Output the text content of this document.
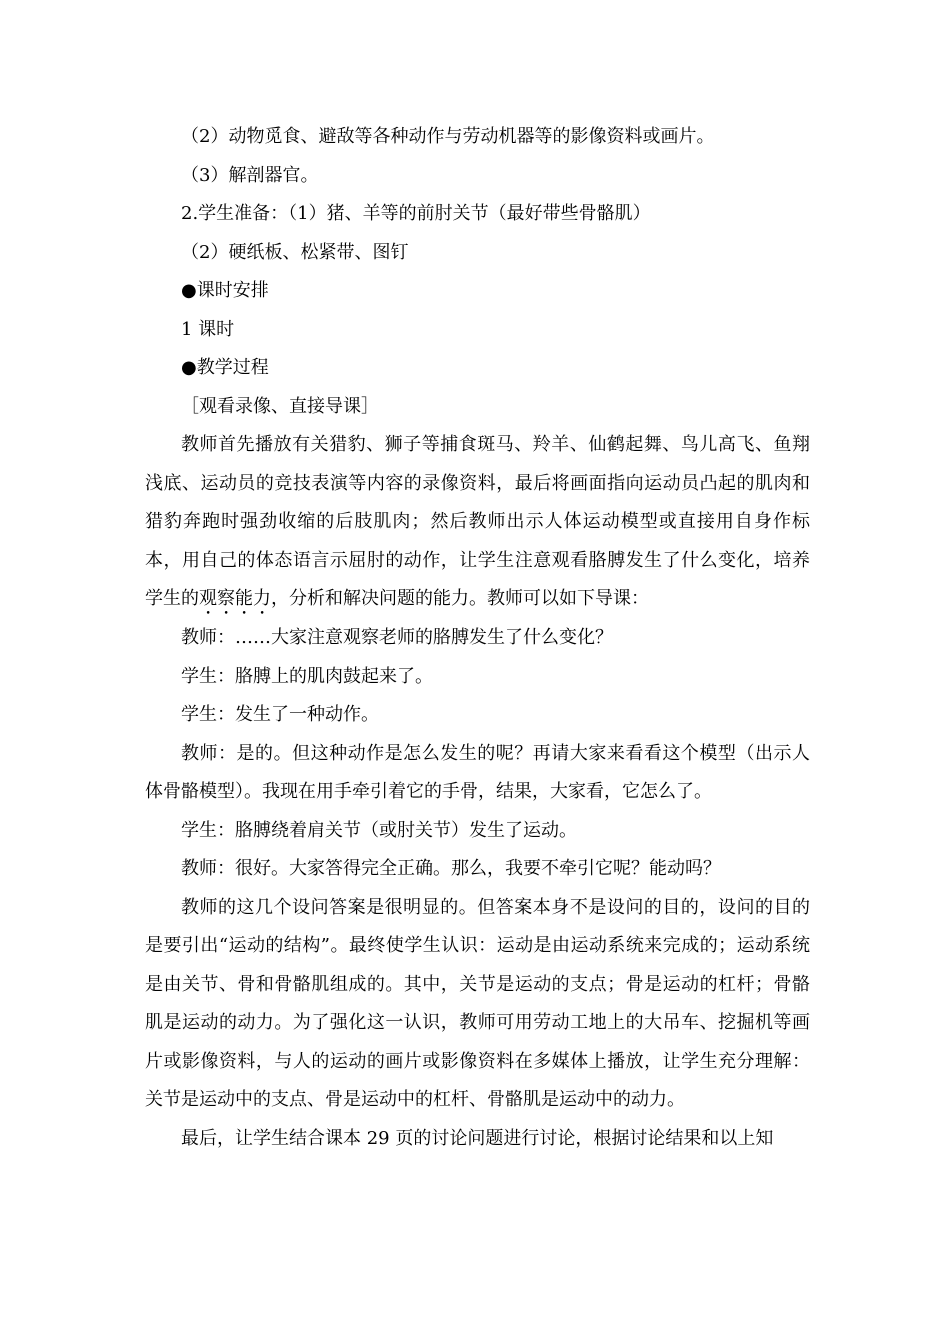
（2）动物觅食、避敌等各种动作与劳动机器等的影像资料或画片。
（3）解剖器官。
2.学生准备：（1）猪、羊等的前肘关节（最好带些骨骼肌）
（2）硬纸板、松紧带、图钉
●课时安排
1 课时
●教学过程
［观看录像、直接导课］

教师首先播放有关猎豹、狮子等捕食斑马、羚羊、仙鹤起舞、鸟儿高飞、鱼翔浅底、运动员的竞技表演等内容的录像资料，最后将画面指向运动员凸起的肌肉和猎豹奔跑时强劲收缩的后肢肌肉；然后教师出示人体运动模型或直接用自身作标本，用自己的体态语言示屈肘的动作，让学生注意观看胳膊发生了什么变化，培养学生的观察能力，分析和解决问题的能力。教师可以如下导课：

教师：……大家注意观察老师的胳膊发生了什么变化？

学生：胳膊上的肌肉鼓起来了。

学生：发生了一种动作。

教师：是的。但这种动作是怎么发生的呢？再请大家来看看这个模型（出示人体骨骼模型）。我现在用手牵引着它的手骨，结果，大家看，它怎么了。

学生：胳膊绕着肩关节（或肘关节）发生了运动。

教师：很好。大家答得完全正确。那么，我要不牵引它呢？能动吗？

教师的这几个设问答案是很明显的。但答案本身不是设问的目的，设问的目的是要引出“运动的结构”。最终使学生认识：运动是由运动系统来完成的；运动系统是由关节、骨和骨骼肌组成的。其中，关节是运动的支点；骨是运动的杠杆；骨骼肌是运动的动力。为了强化这一认识，教师可用劳动工地上的大吊车、挖掘机等画片或影像资料，与人的运动的画片或影像资料在多媒体上播放，让学生充分理解：关节是运动中的支点、骨是运动中的杠杆、骨骼肌是运动中的动力。

最后，让学生结合课本 29 页的讨论问题进行讨论，根据讨论结果和以上知
